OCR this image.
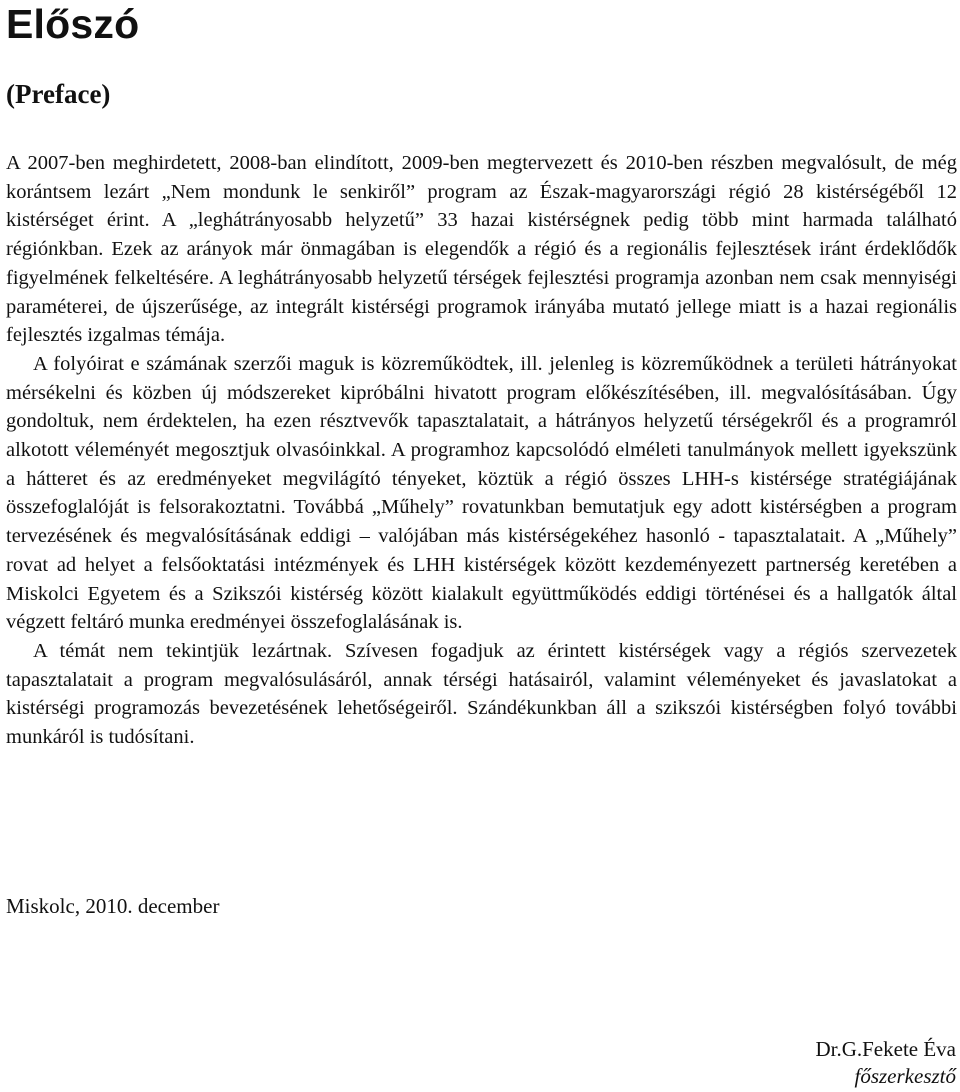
Előszó
(Preface)

A 2007-ben meghirdetett, 2008-ban elindított, 2009-ben megtervezett és 2010-ben részben megvalósult, de még korántsem lezárt „Nem mondunk le senkiről” program az Észak-magyarországi régió 28 kistérségéből 12 kistérséget érint. A „leghátrányosabb helyzetű” 33 hazai kistérségnek pedig több mint harmada található régiónkban. Ezek az arányok már önmagában is elegendők a régió és a regionális fejlesztések iránt érdeklődők figyelmének felkeltésére. A leghátrányosabb helyzetű térségek fejlesztési programja azonban nem csak mennyiségi paraméterei, de újszerűsége, az integrált kistérségi programok irányába mutató jellege miatt is a hazai regionális fejlesztés izgalmas témája.

A folyóirat e számának szerzői maguk is közreműködtek, ill. jelenleg is közreműködnek a területi hátrányokat mérsékelni és közben új módszereket kipróbálni hivatott program előkészítésében, ill. megvalósításában. Úgy gondoltuk, nem érdektelen, ha ezen résztvevők tapasztalatait, a hátrányos helyzetű térségekről és a programról alkotott véleményét megosztjuk olvasóinkkal. A programhoz kapcsolódó elméleti tanulmányok mellett igyekszünk a hátteret és az eredményeket megvilágító tényeket, köztük a régió összes LHH-s kistérsége stratégiájának összefoglalóját is felsorakoztatni. Továbbá „Műhely” rovatunkban bemutatjuk egy adott kistérségben a program tervezésének és megvalósításának eddigi – valójában más kistérségekéhez hasonló - tapasztalatait. A „Műhely” rovat ad helyet a felsőoktatási intézmények és LHH kistérségek között kezdeményezett partnerség keretében a Miskolci Egyetem és a Szikszói kistérség között kialakult együttműködés eddigi történései és a hallgatók által végzett feltáró munka eredményei összefoglalásának is.

A témát nem tekintjük lezártnak. Szívesen fogadjuk az érintett kistérségek vagy a régiós szervezetek tapasztalatait a program megvalósulásáról, annak térségi hatásairól, valamint véleményeket és javaslatokat a kistérségi programozás bevezetésének lehetőségeiről. Szándékunkban áll a szikszói kistérségben folyó további munkáról is tudósítani.

Miskolc, 2010. december

Dr.G.Fekete Éva
főszerkesztő
